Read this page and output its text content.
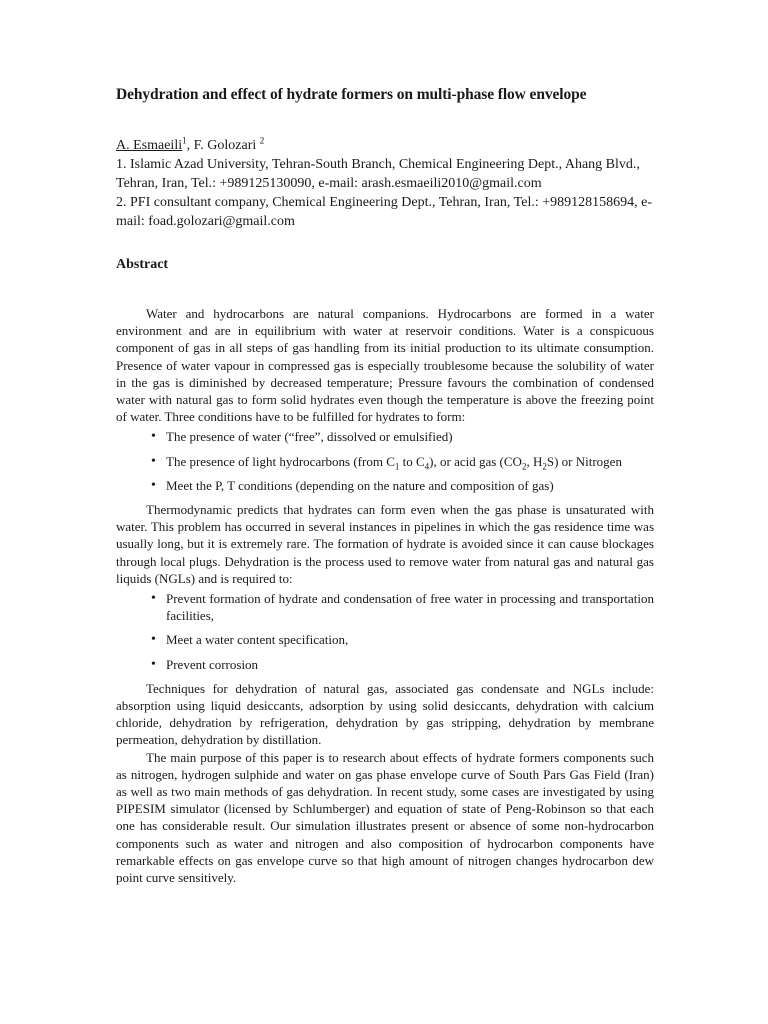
Dehydration and effect of hydrate formers on multi-phase flow envelope
A. Esmaeili$^1$, F. Golozari $^2$

1. Islamic Azad University, Tehran-South Branch, Chemical Engineering Dept., Ahang Blvd., Tehran, Iran, Tel.: +989125130090, e-mail: arash.esmaeili2010@gmail.com

2. PFI consultant company, Chemical Engineering Dept., Tehran, Iran, Tel.: +989128158694, e-mail: foad.golozari@gmail.com

Abstract

Water and hydrocarbons are natural companions. Hydrocarbons are formed in a water environment and are in equilibrium with water at reservoir conditions. Water is a conspicuous component of gas in all steps of gas handling from its initial production to its ultimate consumption. Presence of water vapour in compressed gas is especially troublesome because the solubility of water in the gas is diminished by decreased temperature; Pressure favours the combination of condensed water with natural gas to form solid hydrates even though the temperature is above the freezing point of water. Three conditions have to be fulfilled for hydrates to form:

• The presence of water (“free”, dissolved or emulsified)
• The presence of light hydrocarbons (from $C_1$ to $C_4$), or acid gas ($CO_2$, $H_2S$) or Nitrogen
• Meet the P, T conditions (depending on the nature and composition of gas)

Thermodynamic predicts that hydrates can form even when the gas phase is unsaturated with water. This problem has occurred in several instances in pipelines in which the gas residence time was usually long, but it is extremely rare. The formation of hydrate is avoided since it can cause blockages through local plugs. Dehydration is the process used to remove water from natural gas and natural gas liquids (NGLs) and is required to:

• Prevent formation of hydrate and condensation of free water in processing and transportation facilities,
• Meet a water content specification,
• Prevent corrosion

Techniques for dehydration of natural gas, associated gas condensate and NGLs include: absorption using liquid desiccants, adsorption by using solid desiccants, dehydration with calcium chloride, dehydration by refrigeration, dehydration by gas stripping, dehydration by membrane permeation, dehydration by distillation.

The main purpose of this paper is to research about effects of hydrate formers components such as nitrogen, hydrogen sulphide and water on gas phase envelope curve of South Pars Gas Field (Iran) as well as two main methods of gas dehydration. In recent study, some cases are investigated by using PIPESIM simulator (licensed by Schlumberger) and equation of state of Peng-Robinson so that each one has considerable result. Our simulation illustrates present or absence of some non-hydrocarbon components such as water and nitrogen and also composition of hydrocarbon components have remarkable effects on gas envelope curve so that high amount of nitrogen changes hydrocarbon dew point curve sensitively.
